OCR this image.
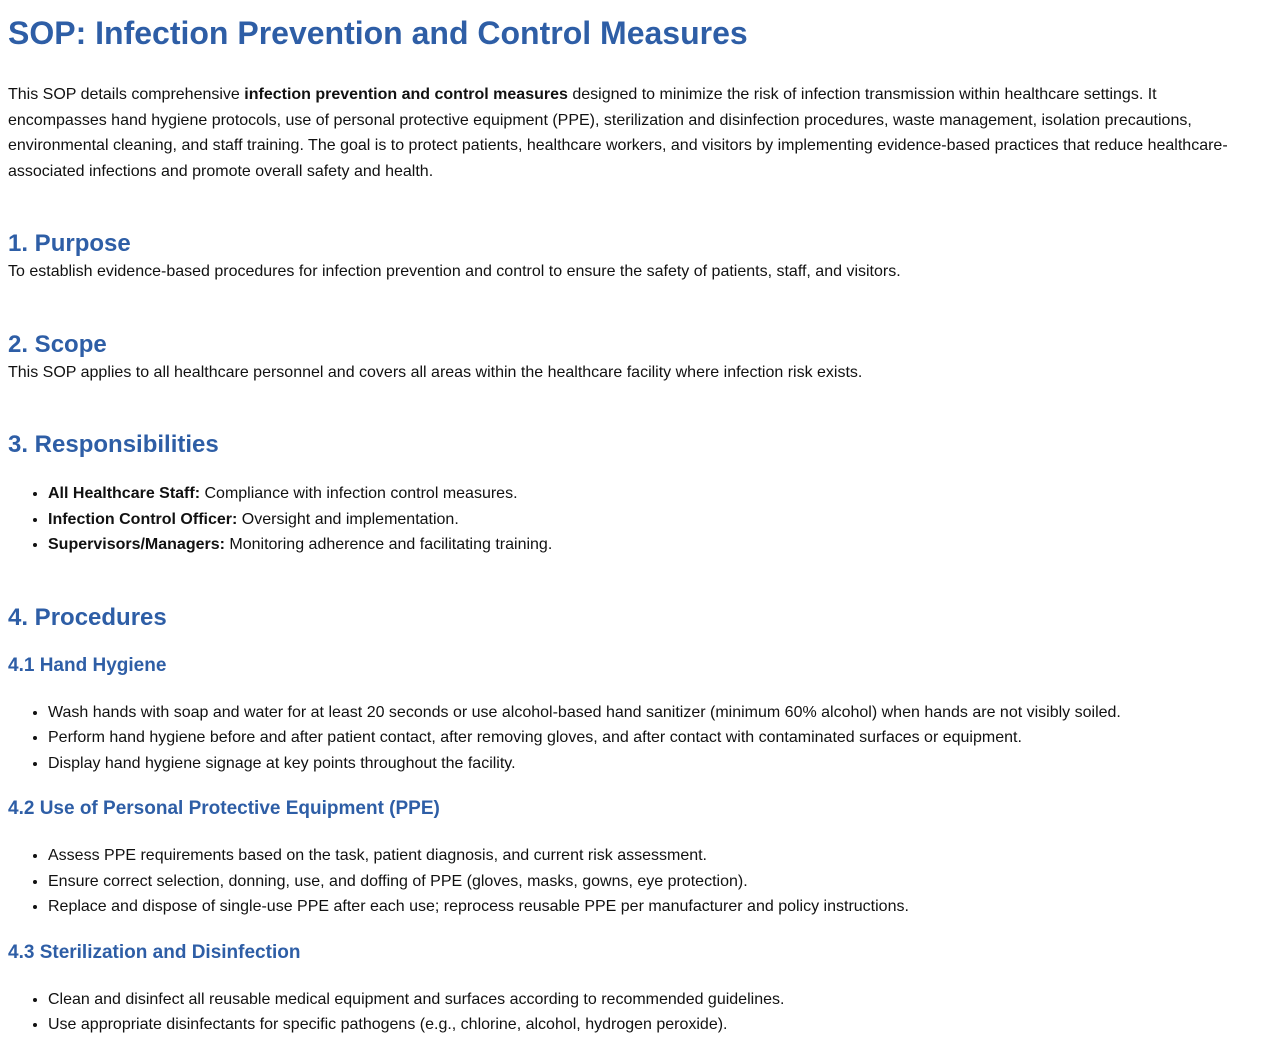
SOP: Infection Prevention and Control Measures

This SOP details comprehensive infection prevention and control measures designed to minimize the risk of infection transmission within healthcare settings. It encompasses hand hygiene protocols, use of personal protective equipment (PPE), sterilization and disinfection procedures, waste management, isolation precautions, environmental cleaning, and staff training. The goal is to protect patients, healthcare workers, and visitors by implementing evidence-based practices that reduce healthcare-associated infections and promote overall safety and health.

1. Purpose

To establish evidence-based procedures for infection prevention and control to ensure the safety of patients, staff, and visitors.

2. Scope

This SOP applies to all healthcare personnel and covers all areas within the healthcare facility where infection risk exists.

3. Responsibilities
• All Healthcare Staff: Compliance with infection control measures.
• Infection Control Officer: Oversight and implementation.
• Supervisors/Managers: Monitoring adherence and facilitating training.
4. Procedures
4.1 Hand Hygiene
• Wash hands with soap and water for at least 20 seconds or use alcohol-based hand sanitizer (minimum 60% alcohol) when hands are not visibly soiled.
• Perform hand hygiene before and after patient contact, after removing gloves, and after contact with contaminated surfaces or equipment.
• Display hand hygiene signage at key points throughout the facility.
4.2 Use of Personal Protective Equipment (PPE)
• Assess PPE requirements based on the task, patient diagnosis, and current risk assessment.
• Ensure correct selection, donning, use, and doffing of PPE (gloves, masks, gowns, eye protection).
• Replace and dispose of single-use PPE after each use; reprocess reusable PPE per manufacturer and policy instructions.
4.3 Sterilization and Disinfection
• Clean and disinfect all reusable medical equipment and surfaces according to recommended guidelines.
• Use appropriate disinfectants for specific pathogens (e.g., chlorine, alcohol, hydrogen peroxide).
